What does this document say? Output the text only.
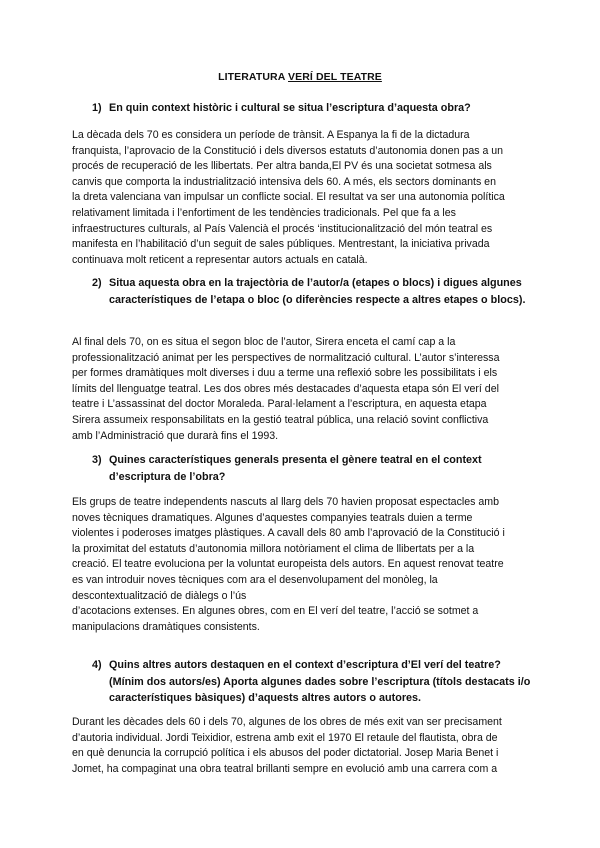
LITERATURA VERÍ DEL TEATRE
1) En quin context històric i cultural se situa l’escriptura d’aquesta obra?
La dècada dels 70 es considera un període de trànsit. A Espanya la fi de la dictadura
franquista, l’aprovacio de la Constitució i dels diversos estatuts d’autonomia donen pas a un
procés de recuperació de les llibertats. Per altra banda,El PV és una societat sotmesa als
canvis que comporta la industrialització intensiva dels 60. A més, els sectors dominants en
la dreta valenciana van impulsar un conflicte social. El resultat va ser una autonomia política
relativament limitada i l’enfortiment de les tendències tradicionals. Pel que fa a les
infraestructures culturals, al País Valencià el procés ‘institucionalització del món teatral es
manifesta en l’habilitació d’un seguit de sales públiques. Mentrestant, la iniciativa privada
continuava molt reticent a representar autors actuals en català.
2) Situa aquesta obra en la trajectòria de l’autor/a (etapes o blocs) i digues algunes característiques de l’etapa o bloc (o diferències respecte a altres etapes o blocs).
Al final dels 70, on es situa el segon bloc de l’autor, Sirera enceta el camí cap a la
professionalització animat per les perspectives de normalització cultural. L’autor s’interessa
per formes dramàtiques molt diverses i duu a terme una reflexió sobre les possibilitats i els
límits del llenguatge teatral. Les dos obres més destacades d’aquesta etapa són El verí del
teatre i L’assassinat del doctor Moraleda. Paral·lelament a l’escriptura, en aquesta etapa
Sirera assumeix responsabilitats en la gestió teatral pública, una relació sovint conflictiva
amb l’Administració que durarà fins el 1993.
3) Quines característiques generals presenta el gènere teatral en el context d’escriptura de l’obra?
Els grups de teatre independents nascuts al llarg dels 70 havien proposat espectacles amb
noves tècniques dramatiques. Algunes d’aquestes companyies teatrals duien a terme
violentes i poderoses imatges plàstiques. A cavall dels 80 amb l’aprovació de la Constitució i
la proximitat del estatuts d’autonomia millora notòriament el clima de llibertats per a la
creació. El teatre evoluciona per la voluntat europeista dels autors. En aquest renovat teatre
es van introduir noves tècniques com ara el desenvolupament del monòleg, la
descontextualització de diàlegs o l’ús
d’acotacions extenses. En algunes obres, com en El verí del teatre, l’acció se sotmet a
manipulacions dramàtiques consistents.
4) Quins altres autors destaquen en el context d’escriptura d’El verí del teatre? (Mínim dos autors/es) Aporta algunes dades sobre l’escriptura (títols destacats i/o característiques bàsiques) d’aquests altres autors o autores.
Durant les dècades dels 60 i dels 70, algunes de los obres de més exit van ser precisament
d’autoria individual. Jordi Teixidior, estrena amb exit el 1970 El retaule del flautista, obra de
en què denuncia la corrupció política i els abusos del poder dictatorial. Josep Maria Benet i
Jomet, ha compaginat una obra teatral brillanti sempre en evolució amb una carrera com a
